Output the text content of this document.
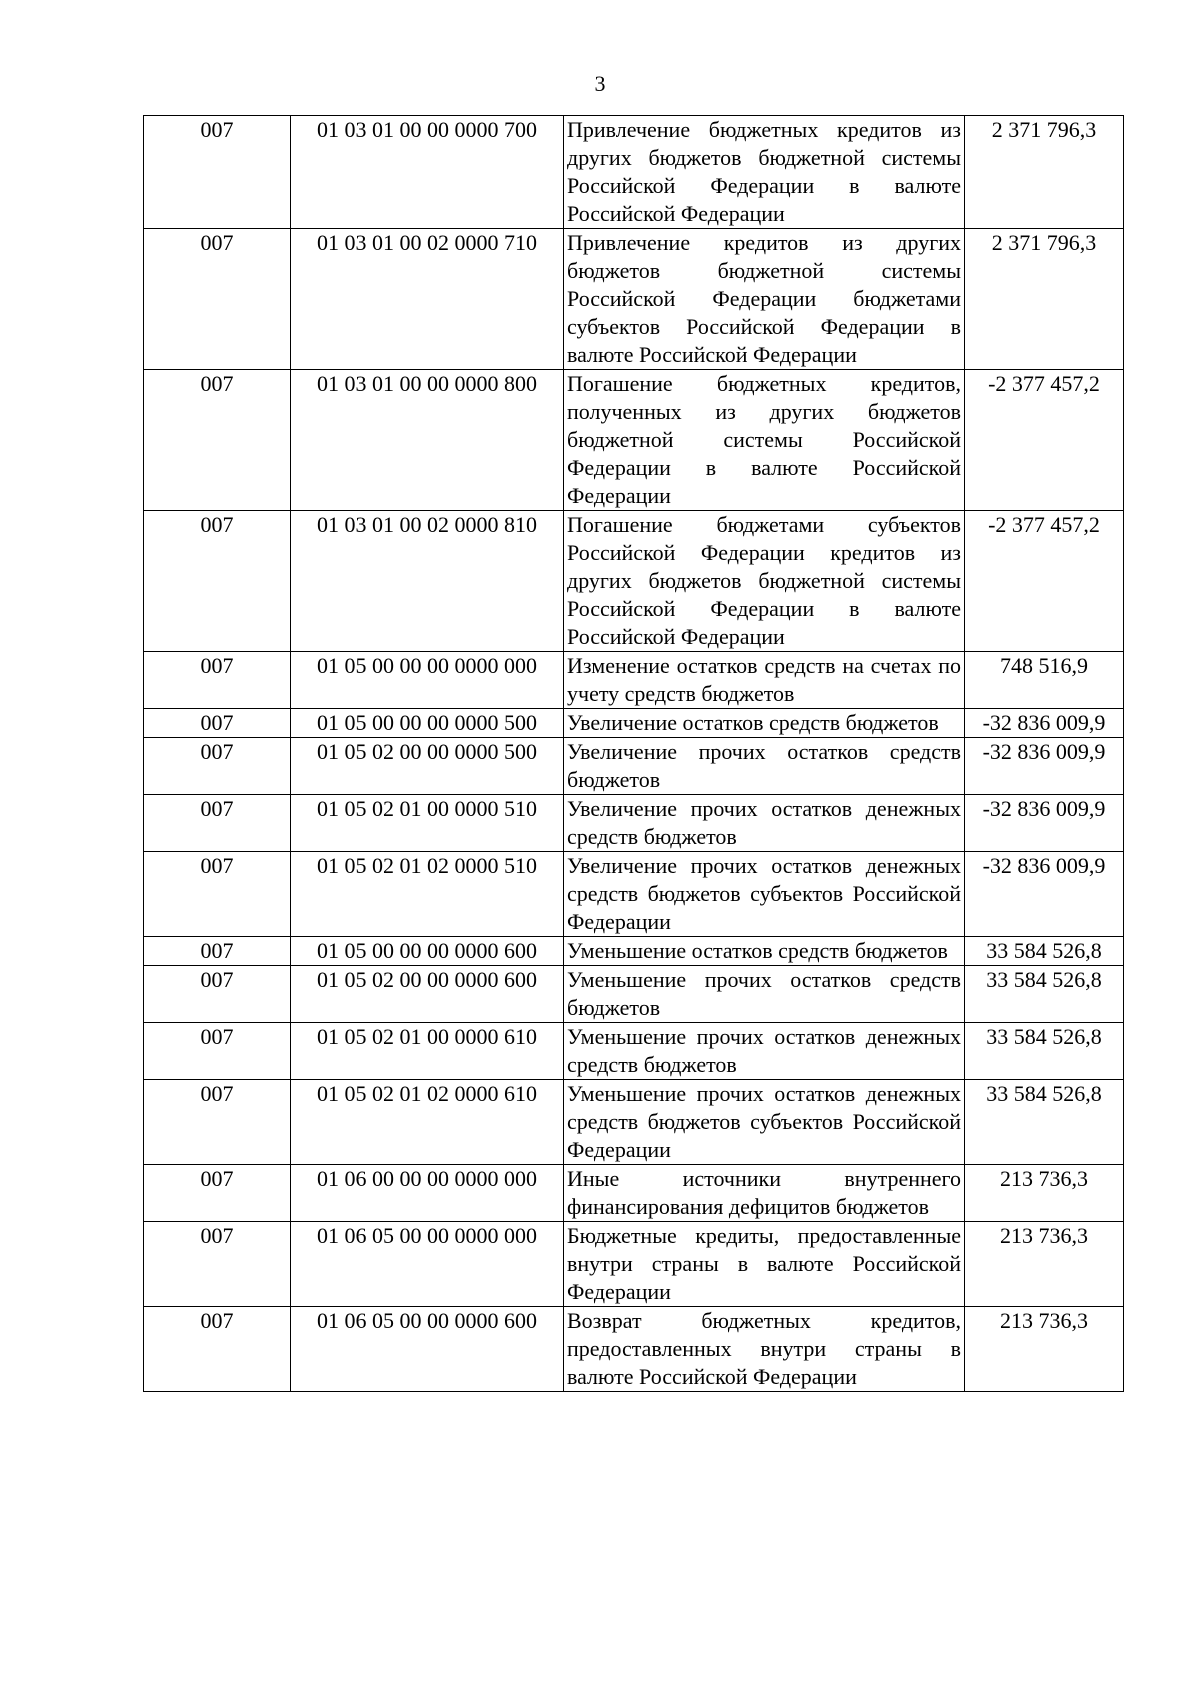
3
007	01 03 01 00 00 0000 700	Привлечение бюджетных кредитов из других бюджетов бюджетной системы Российской Федерации в валюте Российской Федерации	2 371 796,3
007	01 03 01 00 02 0000 710	Привлечение кредитов из других бюджетов бюджетной системы Российской Федерации бюджетами субъектов Российской Федерации в валюте Российской Федерации	2 371 796,3
007	01 03 01 00 00 0000 800	Погашение бюджетных кредитов, полученных из других бюджетов бюджетной системы Российской Федерации в валюте Российской Федерации	-2 377 457,2
007	01 03 01 00 02 0000 810	Погашение бюджетами субъектов Российской Федерации кредитов из других бюджетов бюджетной системы Российской Федерации в валюте Российской Федерации	-2 377 457,2
007	01 05 00 00 00 0000 000	Изменение остатков средств на счетах по учету средств бюджетов	748 516,9
007	01 05 00 00 00 0000 500	Увеличение остатков средств бюджетов	-32 836 009,9
007	01 05 02 00 00 0000 500	Увеличение прочих остатков средств бюджетов	-32 836 009,9
007	01 05 02 01 00 0000 510	Увеличение прочих остатков денежных средств бюджетов	-32 836 009,9
007	01 05 02 01 02 0000 510	Увеличение прочих остатков денежных средств бюджетов субъектов Российской Федерации	-32 836 009,9
007	01 05 00 00 00 0000 600	Уменьшение остатков средств бюджетов	33 584 526,8
007	01 05 02 00 00 0000 600	Уменьшение прочих остатков средств бюджетов	33 584 526,8
007	01 05 02 01 00 0000 610	Уменьшение прочих остатков денежных средств бюджетов	33 584 526,8
007	01 05 02 01 02 0000 610	Уменьшение прочих остатков денежных средств бюджетов субъектов Российской Федерации	33 584 526,8
007	01 06 00 00 00 0000 000	Иные источники внутреннего финансирования дефицитов бюджетов	213 736,3
007	01 06 05 00 00 0000 000	Бюджетные кредиты, предоставленные внутри страны в валюте Российской Федерации	213 736,3
007	01 06 05 00 00 0000 600	Возврат бюджетных кредитов, предоставленных внутри страны в валюте Российской Федерации	213 736,3
